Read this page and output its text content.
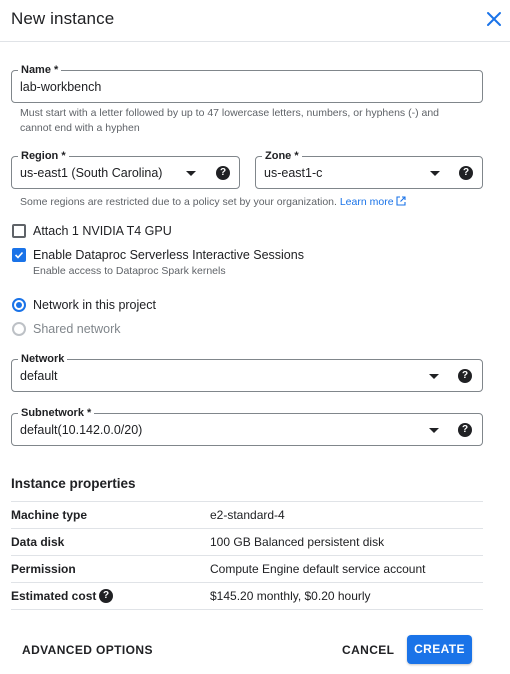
New instance
Name *
lab-workbench
Must start with a letter followed by up to 47 lowercase letters, numbers, or hyphens (-) and cannot end with a hyphen
Region *
us-east1 (South Carolina)	?
Zone *
us-east1-c	?
Some regions are restricted due to a policy set by your organization. Learn more
Attach 1 NVIDIA T4 GPU
Enable Dataproc Serverless Interactive Sessions
Enable access to Dataproc Spark kernels
Network in this project
Shared network
Network
default	?
Subnetwork *
default(10.142.0.0/20)	?
Instance properties
Machine type	e2-standard-4
Data disk	100 GB Balanced persistent disk
Permission	Compute Engine default service account
Estimated cost ?	$145.20 monthly, $0.20 hourly
ADVANCED OPTIONS	CANCEL	CREATE
